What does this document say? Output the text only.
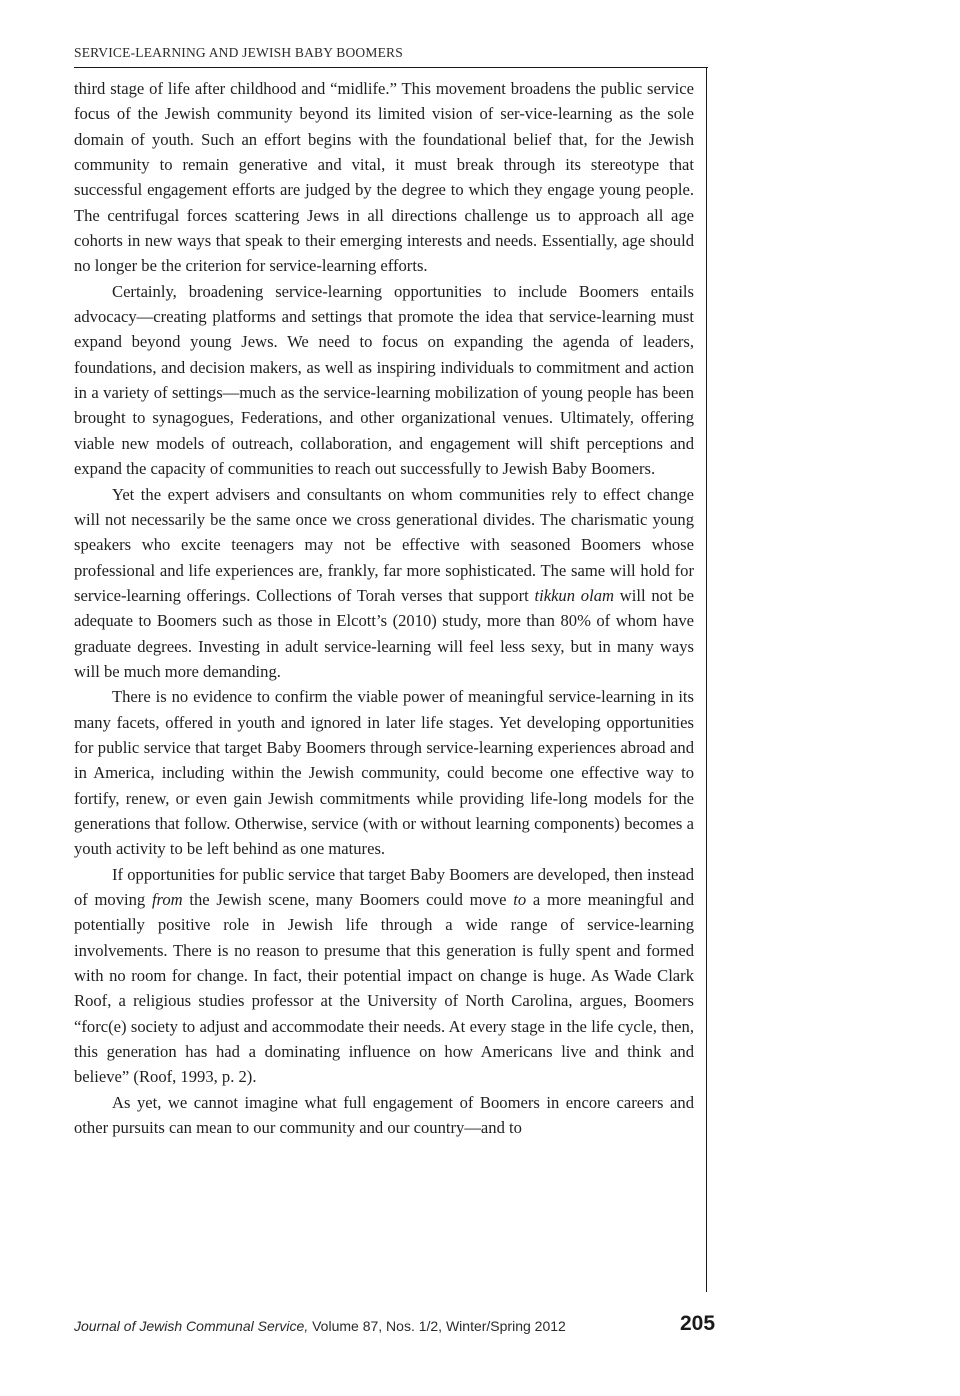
SERVICE-LEARNING AND JEWISH BABY BOOMERS

third stage of life after childhood and “midlife.” This movement broadens the public service focus of the Jewish community beyond its limited vision of ser-vice-learning as the sole domain of youth. Such an effort begins with the foundational belief that, for the Jewish community to remain generative and vital, it must break through its stereotype that successful engagement efforts are judged by the degree to which they engage young people. The centrifugal forces scattering Jews in all directions challenge us to approach all age cohorts in new ways that speak to their emerging interests and needs. Essentially, age should no longer be the criterion for service-learning efforts.

Certainly, broadening service-learning opportunities to include Boomers entails advocacy—creating platforms and settings that promote the idea that service-learning must expand beyond young Jews. We need to focus on expanding the agenda of leaders, foundations, and decision makers, as well as inspiring individuals to commitment and action in a variety of settings—much as the service-learning mobilization of young people has been brought to synagogues, Federations, and other organizational venues. Ultimately, offering viable new models of outreach, collaboration, and engagement will shift perceptions and expand the capacity of communities to reach out successfully to Jewish Baby Boomers.

Yet the expert advisers and consultants on whom communities rely to effect change will not necessarily be the same once we cross generational divides. The charismatic young speakers who excite teenagers may not be effective with seasoned Boomers whose professional and life experiences are, frankly, far more sophisticated. The same will hold for service-learning offerings. Collections of Torah verses that support tikkun olam will not be adequate to Boomers such as those in Elcott’s (2010) study, more than 80% of whom have graduate degrees. Investing in adult service-learning will feel less sexy, but in many ways will be much more demanding.

There is no evidence to confirm the viable power of meaningful service-learning in its many facets, offered in youth and ignored in later life stages. Yet developing opportunities for public service that target Baby Boomers through service-learning experiences abroad and in America, including within the Jewish community, could become one effective way to fortify, renew, or even gain Jewish commitments while providing life-long models for the generations that follow. Otherwise, service (with or without learning components) becomes a youth activity to be left behind as one matures.

If opportunities for public service that target Baby Boomers are developed, then instead of moving from the Jewish scene, many Boomers could move to a more meaningful and potentially positive role in Jewish life through a wide range of service-learning involvements. There is no reason to presume that this generation is fully spent and formed with no room for change. In fact, their potential impact on change is huge. As Wade Clark Roof, a religious studies professor at the University of North Carolina, argues, Boomers “forc(e) society to adjust and accommodate their needs. At every stage in the life cycle, then, this generation has had a dominating influence on how Americans live and think and believe” (Roof, 1993, p. 2).

As yet, we cannot imagine what full engagement of Boomers in encore careers and other pursuits can mean to our community and our country—and to

Journal of Jewish Communal Service, Volume 87, Nos. 1/2, Winter/Spring 2012	205
